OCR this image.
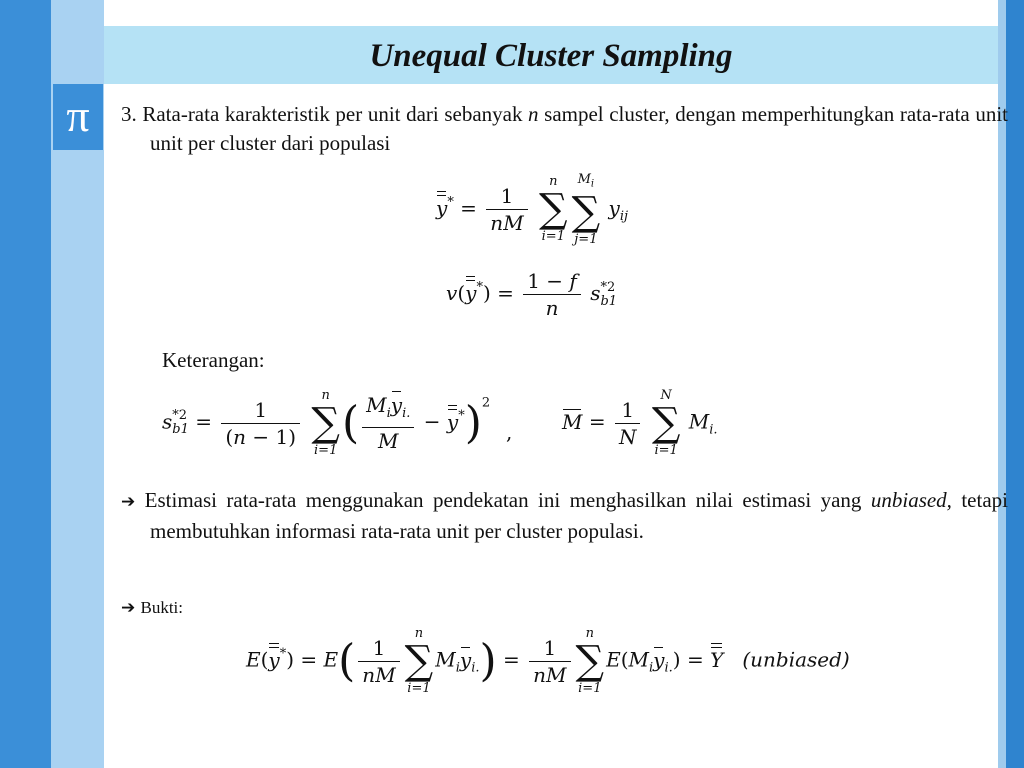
Unequal Cluster Sampling
π	3. Rata-rata karakteristik per unit dari sebanyak n sampel cluster, dengan memperhitungkan rata-rata unit unit per cluster dari populasi
$y^* = \frac{1}{nM}$

n
∑
i=1
$M_i$
∑
j=1
$y_{ij}$
$v(y^*) = \frac{1 - f}{n}$ s *2
b1
Keterangan:
s *2
$b1 = \frac{1}{(n - 1)}$

n
∑
i=1
( $\frac{M_iy_{i.}}{M} - y^*)^2$
, $M = \frac{1}{N}$

N
∑
i=1
$M_{i.}$
➔ Estimasi rata-rata menggunakan pendekatan ini menghasilkan nilai estimasi yang unbiased, tetapi membutuhkan informasi rata-rata unit per cluster populasi.
➔ Bukti:
$E(y^*) = E( \frac{1}{nM}$
n
∑
i=1
$M_iy_{i.}) = \frac{1}{nM}$
n
∑
i=1
$E(M_iy_{i.}) = Y$ (unbiased)
